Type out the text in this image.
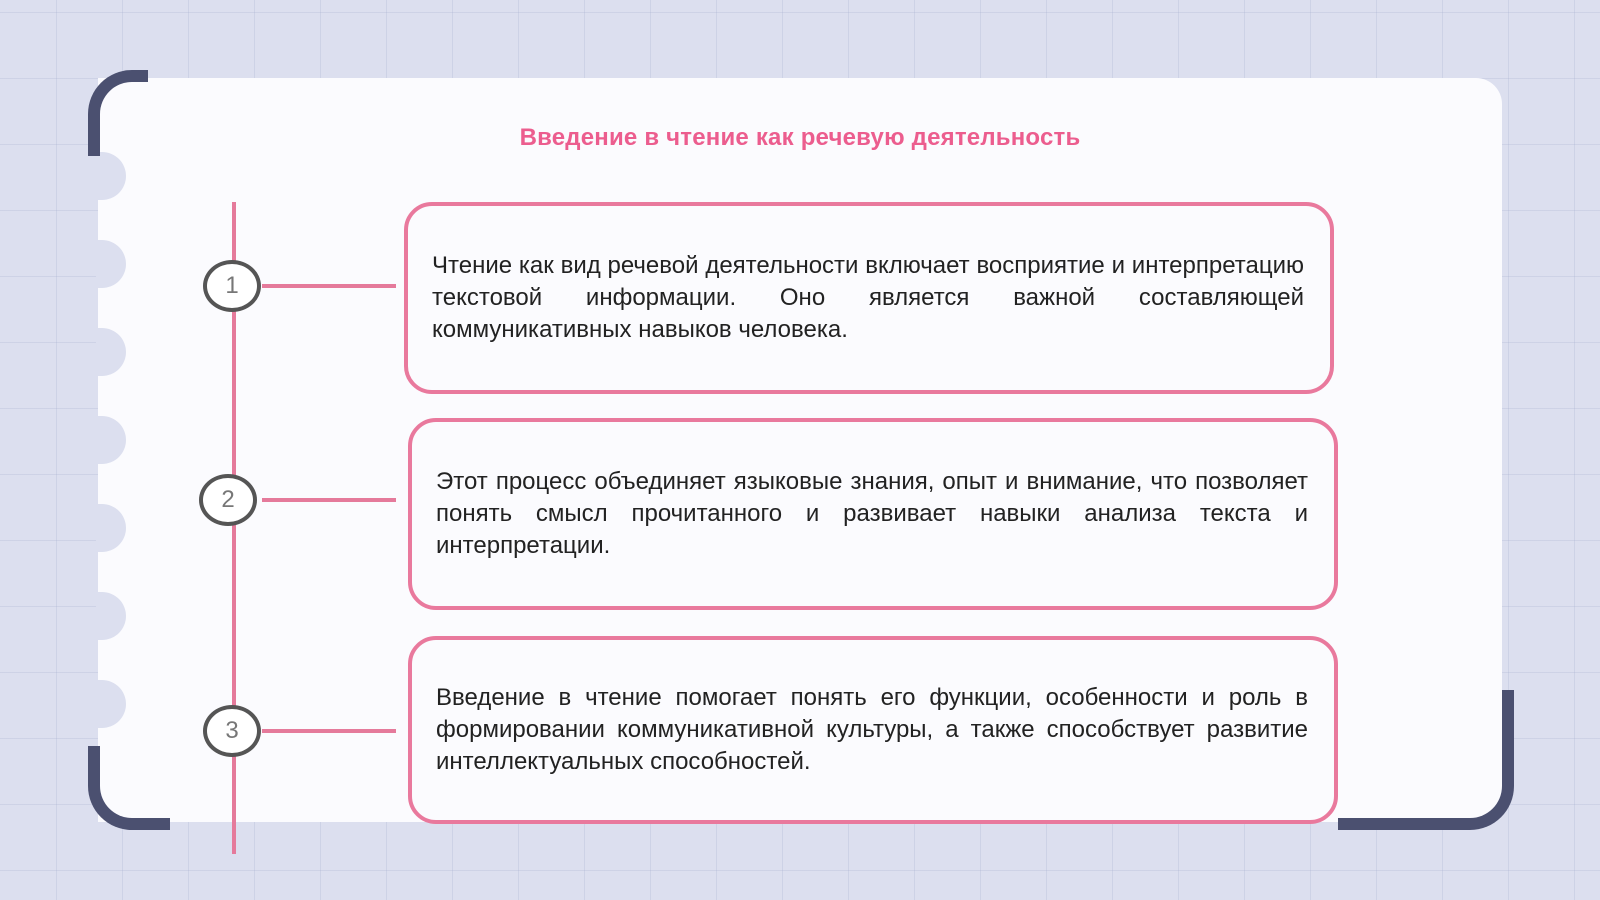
Введение в чтение как речевую деятельность
1
2
3
Чтение как вид речевой деятельности включает восприятие и интерпретацию текстовой информации. Оно является важной составляющей коммуникативных навыков человека.
Этот процесс объединяет языковые знания, опыт и внимание, что позволяет понять смысл прочитанного и развивает навыки анализа текста и интерпретации.
Введение в чтение помогает понять его функции, особенности и роль в формировании коммуникативной культуры, а также способствует развитие интеллектуальных способностей.
